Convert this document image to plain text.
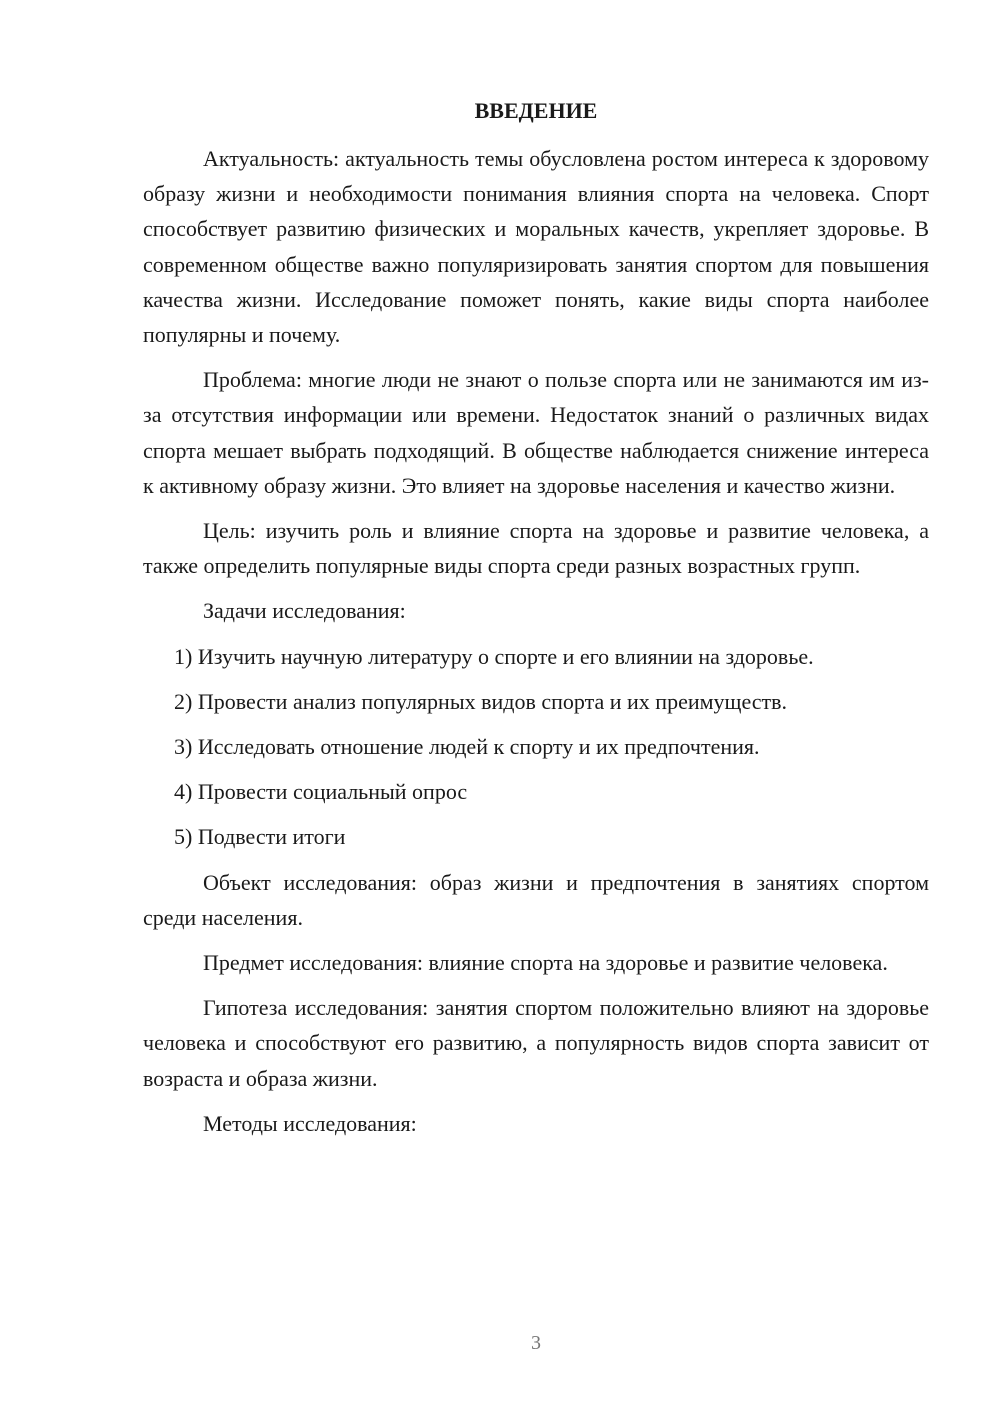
ВВЕДЕНИЕ

Актуальность: актуальность темы обусловлена ростом интереса к здоровому образу жизни и необходимости понимания влияния спорта на человека. Спорт способствует развитию физических и моральных качеств, укрепляет здоровье. В современном обществе важно популяризировать занятия спортом для повышения качества жизни. Исследование поможет понять, какие виды спорта наиболее популярны и почему.

Проблема: многие люди не знают о пользе спорта или не занимаются им из-за отсутствия информации или времени. Недостаток знаний о различных видах спорта мешает выбрать подходящий. В обществе наблюдается снижение интереса к активному образу жизни. Это влияет на здоровье населения и качество жизни.

Цель: изучить роль и влияние спорта на здоровье и развитие человека, а также определить популярные виды спорта среди разных возрастных групп.

Задачи исследования:

1) Изучить научную литературу о спорте и его влиянии на здоровье.
2) Провести анализ популярных видов спорта и их преимуществ.
3) Исследовать отношение людей к спорту и их предпочтения.
4) Провести социальный опрос
5) Подвести итоги

Объект исследования: образ жизни и предпочтения в занятиях спортом среди населения.

Предмет исследования: влияние спорта на здоровье и развитие человека.

Гипотеза исследования: занятия спортом положительно влияют на здоровье человека и способствуют его развитию, а популярность видов спорта зависит от возраста и образа жизни.

Методы исследования:

3
